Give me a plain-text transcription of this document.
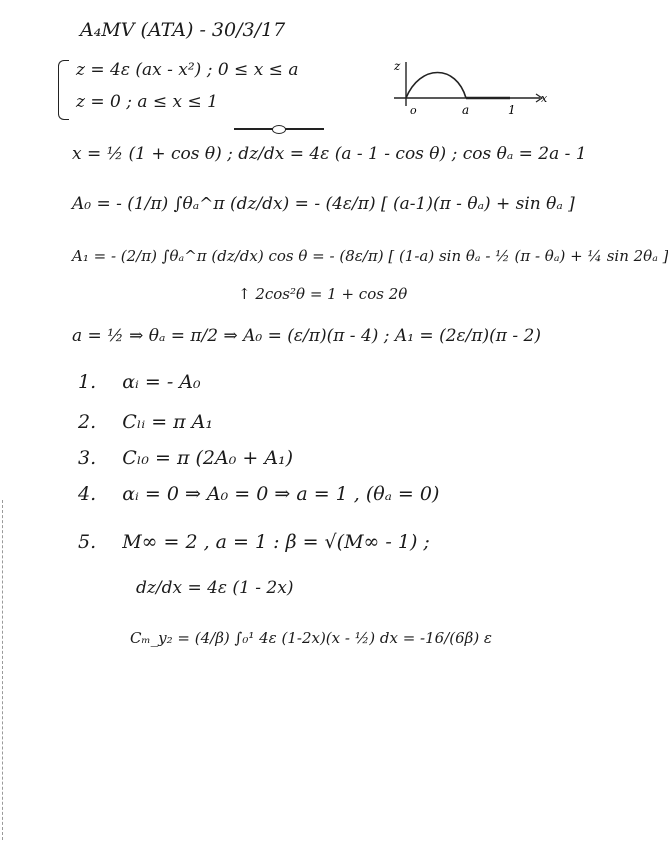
A₄MV (ATA) - 30/3/17
z = 4ε (ax - x²) ; 0 ≤ x ≤ a
z = 0 ; a ≤ x ≤ 1
z
o	a	1
x
x = ½ (1 + cos θ) ; dz/dx = 4ε (a - 1 - cos θ) ; cos θₐ = 2a - 1
A₀ = - (1/π) ∫θₐ^π (dz/dx) = - (4ε/π) [ (a-1)(π - θₐ) + sin θₐ ]
A₁ = - (2/π) ∫θₐ^π (dz/dx) cos θ = - (8ε/π) [ (1-a) sin θₐ - ½ (π - θₐ) + ¼ sin 2θₐ ]
↑ 2cos²θ = 1 + cos 2θ
a = ½ ⇒ θₐ = π/2 ⇒ A₀ = (ε/π)(π - 4) ; A₁ = (2ε/π)(π - 2)
1. αᵢ = - A₀
2. Cₗᵢ = π A₁
3. Cₗ₀ = π (2A₀ + A₁)
4. αᵢ = 0 ⇒ A₀ = 0 ⇒ a = 1 , (θₐ = 0)
5. M∞ = 2 , a = 1 : β = √(M∞ - 1) ;
dz/dx = 4ε (1 - 2x)
Cₘ_y₂ = (4/β) ∫₀¹ 4ε (1-2x)(x - ½) dx = -16/(6β) ε
